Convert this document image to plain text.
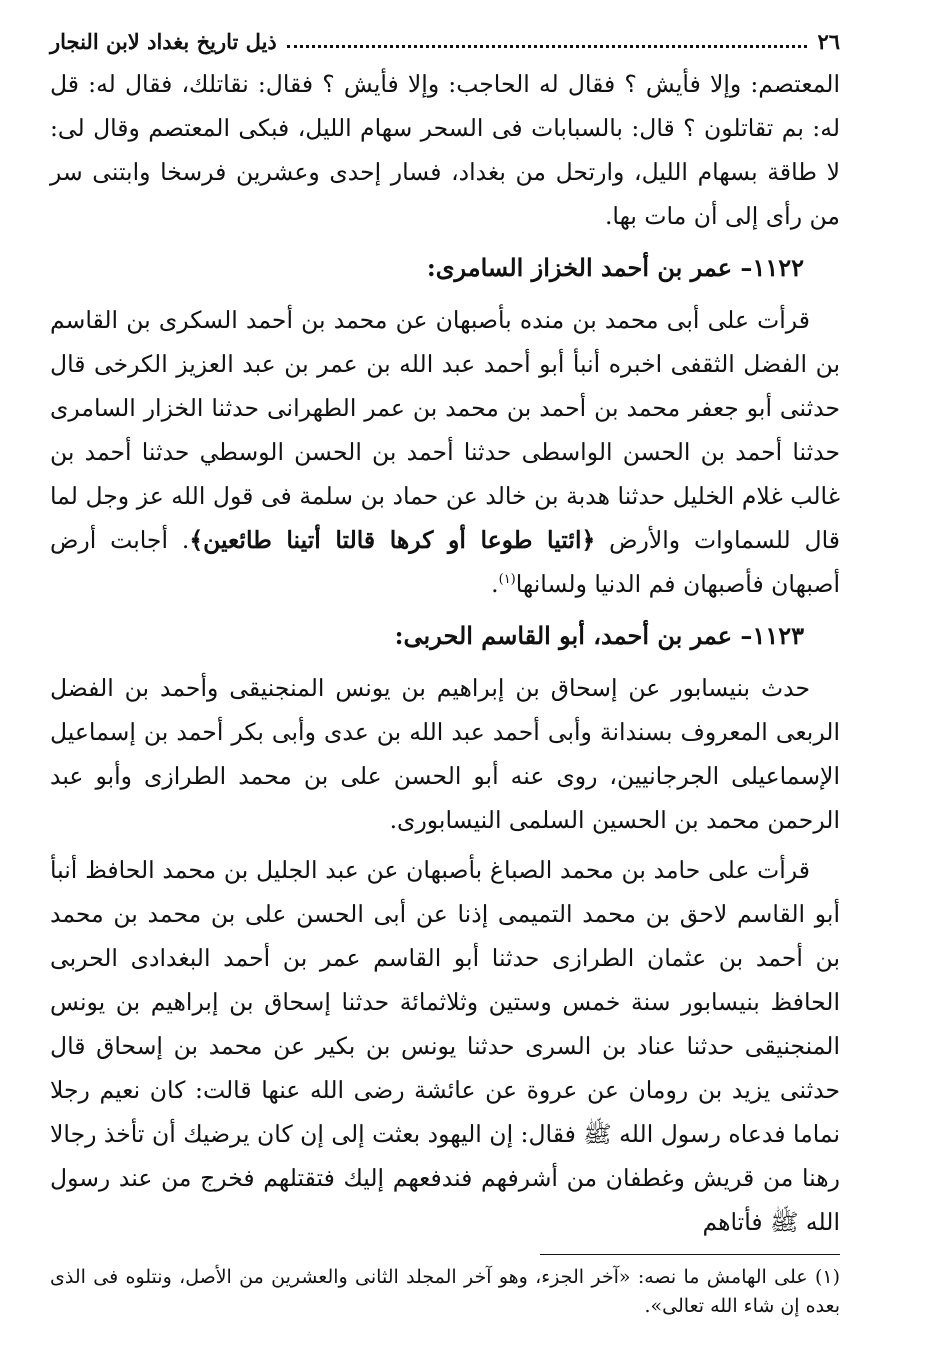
٢٦
ذيل تاريخ بغداد لابن النجار

المعتصم: وإلا فأيش ؟ فقال له الحاجب: وإلا فأيش ؟ فقال: نقاتلك، فقال له: قل له: بم تقاتلون ؟ قال: بالسبابات فى السحر سهام الليل، فبكى المعتصم وقال لى: لا طاقة بسهام الليل، وارتحل من بغداد، فسار إحدى وعشرين فرسخا وابتنى سر من رأى إلى أن مات بها.

١١٢٢– عمر بن أحمد الخزاز السامرى:

قرأت على أبى محمد بن منده بأصبهان عن محمد بن أحمد السكرى بن القاسم بن الفضل الثقفى اخبره أنبأ أبو أحمد عبد الله بن عمر بن عبد العزيز الكرخى قال حدثنى أبو جعفر محمد بن أحمد بن محمد بن عمر الطهرانى حدثنا الخزار السامرى حدثنا أحمد بن الحسن الواسطى حدثنا أحمد بن الحسن الوسطي حدثنا أحمد بن غالب غلام الخليل حدثنا هدبة بن خالد عن حماد بن سلمة فى قول الله عز وجل لما قال للسماوات والأرض ﴿ائتيا طوعا أو كرها قالتا أتينا طائعين﴾. أجابت أرض أصبهان فأصبهان فم الدنيا ولسانها$^{(١)}$.

١١٢٣– عمر بن أحمد، أبو القاسم الحربى:

حدث بنيسابور عن إسحاق بن إبراهيم بن يونس المنجنيقى وأحمد بن الفضل الربعى المعروف بسندانة وأبى أحمد عبد الله بن عدى وأبى بكر أحمد بن إسماعيل الإسماعيلى الجرجانيين، روى عنه أبو الحسن على بن محمد الطرازى وأبو عبد الرحمن محمد بن الحسين السلمى النيسابورى.

قرأت على حامد بن محمد الصباغ بأصبهان عن عبد الجليل بن محمد الحافظ أنبأ أبو القاسم لاحق بن محمد التميمى إذنا عن أبى الحسن على بن محمد بن محمد بن أحمد بن عثمان الطرازى حدثنا أبو القاسم عمر بن أحمد البغدادى الحربى الحافظ بنيسابور سنة خمس وستين وثلاثمائة حدثنا إسحاق بن إبراهيم بن يونس المنجنيقى حدثنا عناد بن السرى حدثنا يونس بن بكير عن محمد بن إسحاق قال حدثنى يزيد بن رومان عن عروة عن عائشة رضى الله عنها قالت: كان نعيم رجلا نماما فدعاه رسول الله ﷺ فقال: إن اليهود بعثت إلى إن كان يرضيك أن تأخذ رجالا رهنا من قريش وغطفان من أشرفهم فندفعهم إليك فتقتلهم فخرج من عند رسول الله ﷺ فأتاهم

(١) على الهامش ما نصه: «آخر الجزء، وهو آخر المجلد الثانى والعشرين من الأصل، ونتلوه فى الذى بعده إن شاء الله تعالى».
